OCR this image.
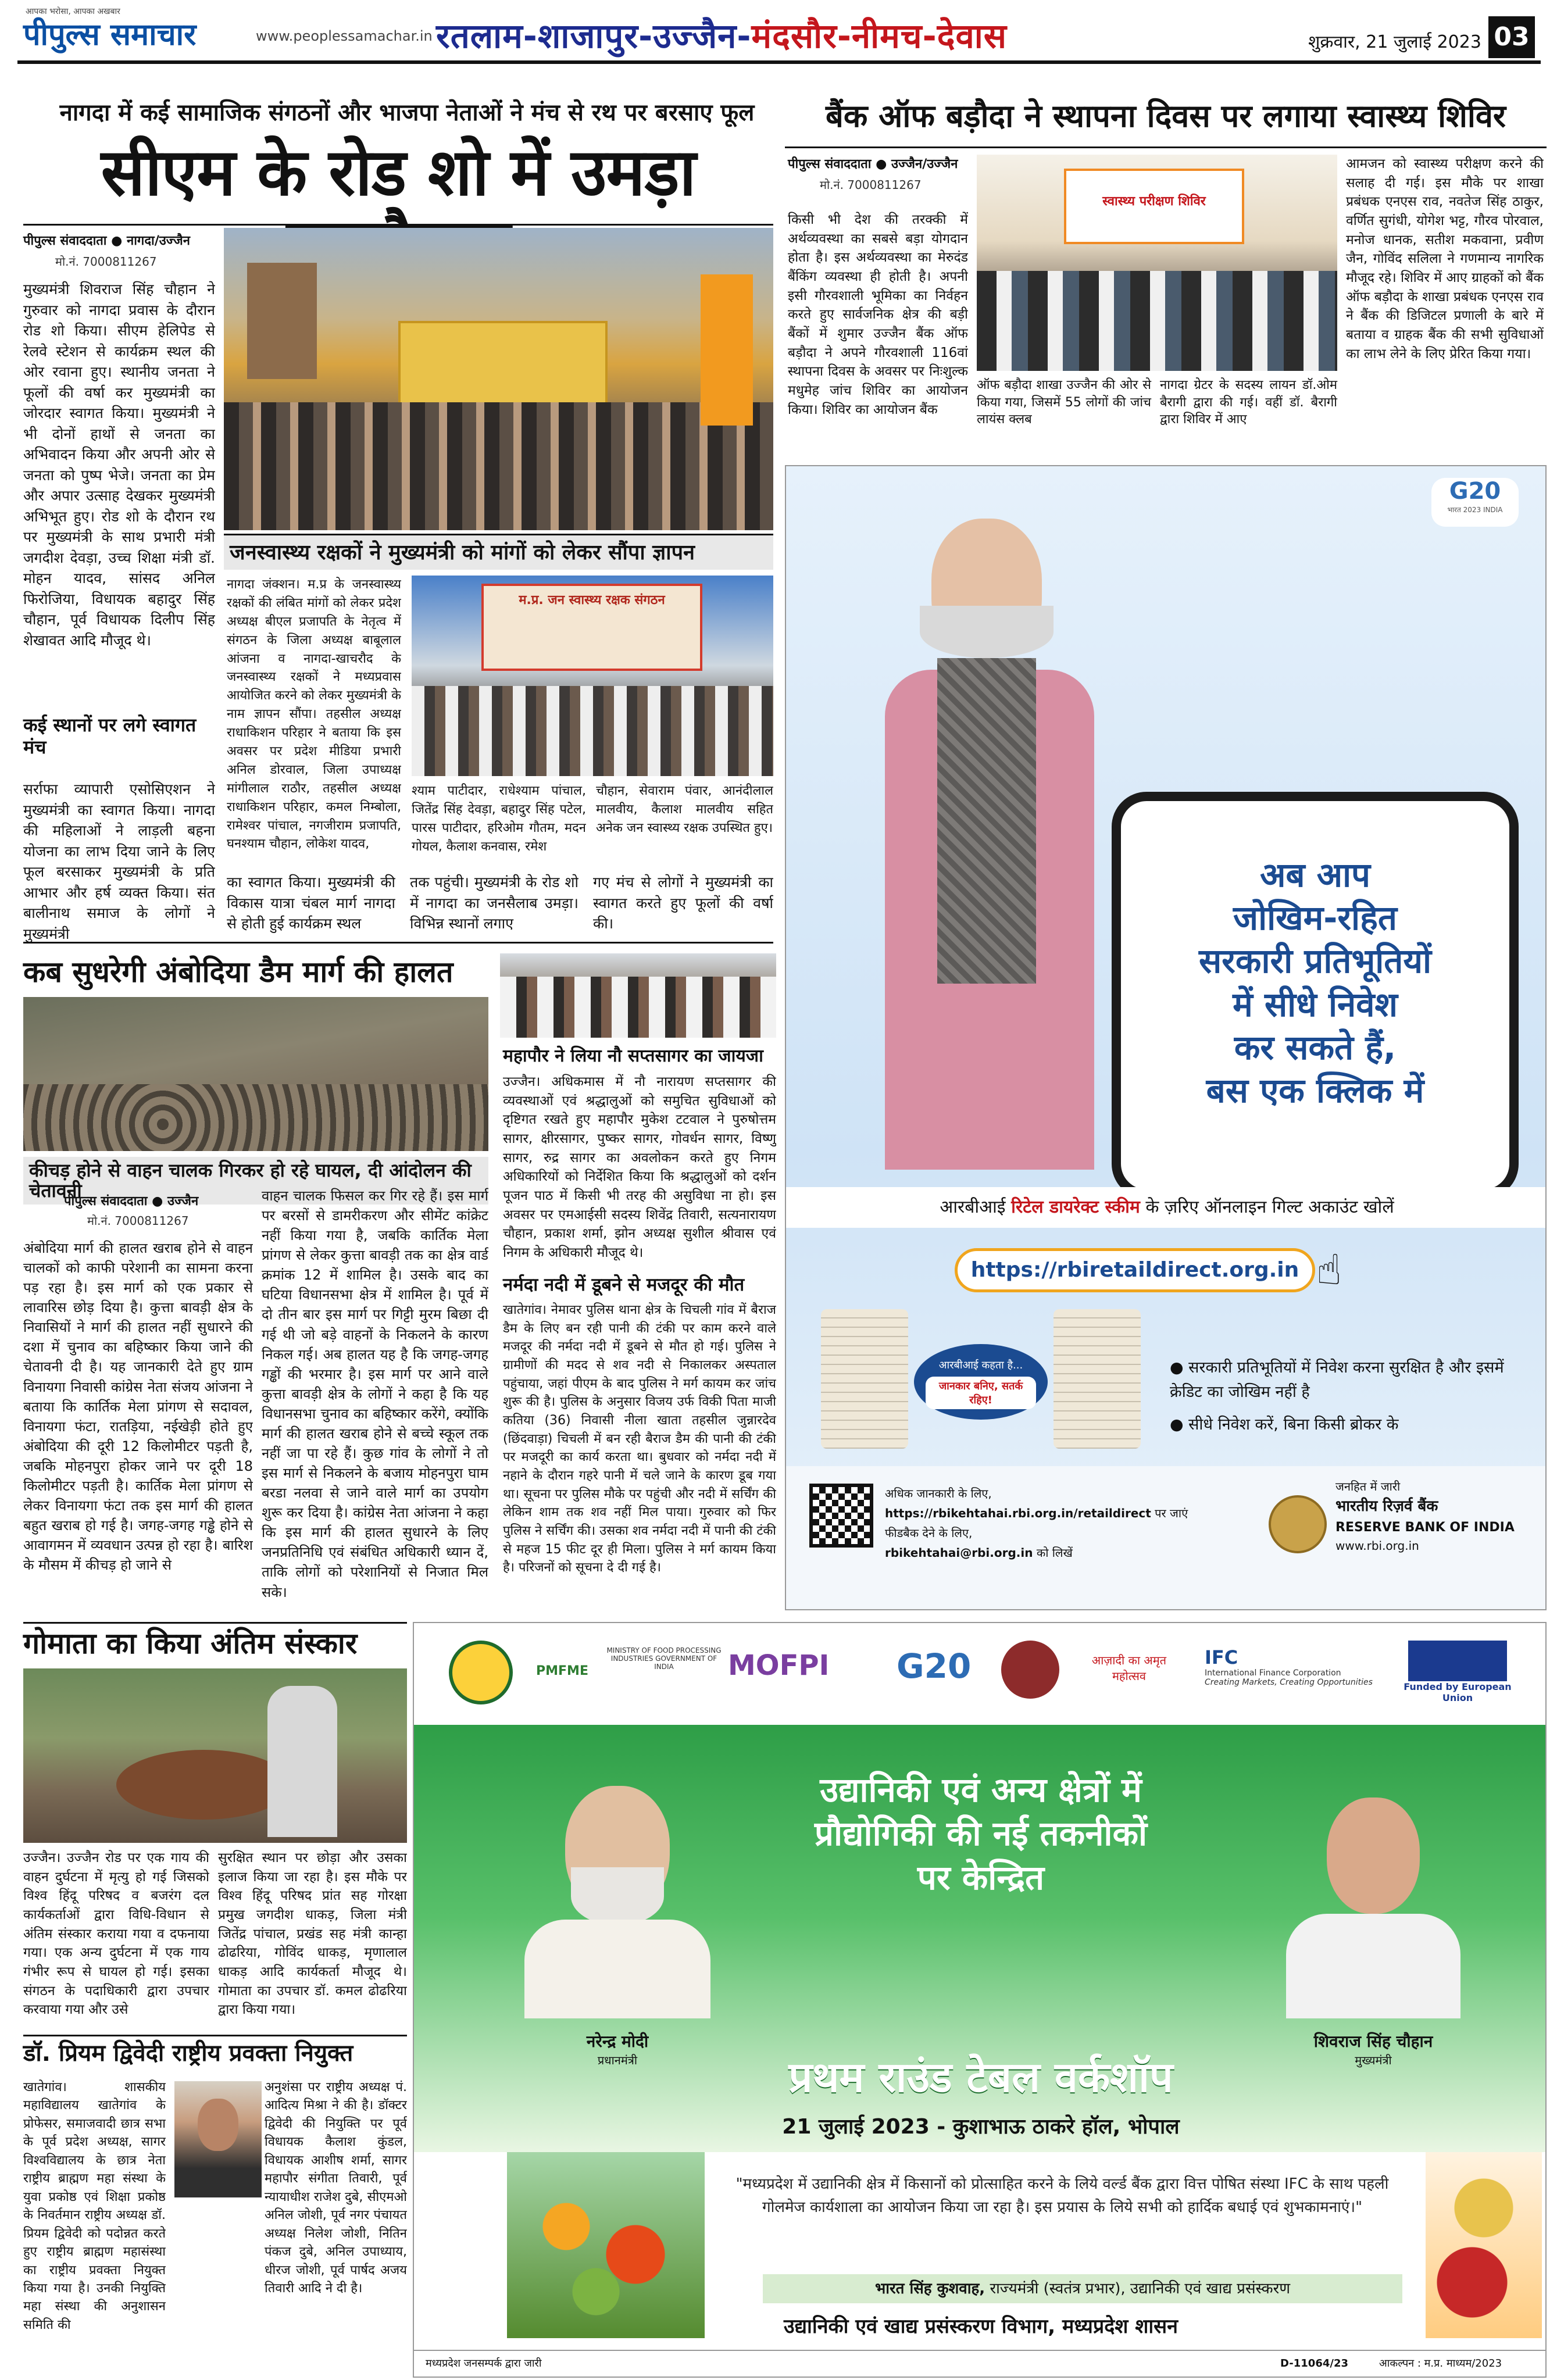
आपका भरोसा, आपका अखबार
पीपुल्स समाचार	www.peoplessamachar.in रतलाम-शाजापुर-उज्जैन-मंदसौर-नीमच-देवास	शुक्रवार, 21 जुलाई 2023 03
नागदा में कई सामाजिक संगठनों और भाजपा नेताओं ने मंच से रथ पर बरसाए फूल
सीएम के रोड शो में उमड़ा
पीपुल्स संवाददाता ● नागदा/उज्जैन
मो.नं. 7000811267
मुख्यमंत्री शिवराज सिंह चौहान ने गुरुवार को नागदा प्रवास के दौरान रोड शो किया। सीएम हेलिपेड से रेलवे स्टेशन से कार्यक्रम स्थल की ओर रवाना हुए। स्थानीय जनता ने फूलों की वर्षा कर मुख्यमंत्री का जोरदार स्वागत किया। मुख्यमंत्री ने भी दोनों हाथों से जनता का अभिवादन किया और अपनी ओर से जनता को पुष्प भेजे। जनता का प्रेम और अपार उत्साह देखकर मुख्यमंत्री अभिभूत हुए। रोड शो के दौरान रथ पर मुख्यमंत्री के साथ प्रभारी मंत्री जगदीश देवड़ा, उच्च शिक्षा मंत्री डॉ. मोहन यादव, सांसद अनिल फिरोजिया, विधायक बहादुर सिंह चौहान, पूर्व विधायक दिलीप सिंह शेखावत आदि मौजूद थे।
कई स्थानों पर लगे स्वागत मंच
सर्राफा व्यापारी एसोसिएशन ने मुख्यमंत्री का स्वागत किया। नागदा की महिलाओं ने लाड़ली बहना योजना का लाभ दिया जाने के लिए फूल बरसाकर मुख्यमंत्री के प्रति आभार और हर्ष व्यक्त किया। संत बालीनाथ समाज के लोगों ने मुख्यमंत्री
जनस्वास्थ्य रक्षकों ने मुख्यमंत्री को मांगों को लेकर सौंपा ज्ञापन
नागदा जंक्शन। म.प्र के जनस्वास्थ्य रक्षकों की लंबित मांगों को लेकर प्रदेश अध्यक्ष बीएल प्रजापति के नेतृत्व में संगठन के जिला अध्यक्ष बाबूलाल आंजना व नागदा-खाचरौद के जनस्वास्थ्य रक्षकों ने मध्यप्रवास आयोजित करने को लेकर मुख्यमंत्री के नाम ज्ञापन सौंपा। तहसील अध्यक्ष राधाकिशन परिहार ने बताया कि इस अवसर पर प्रदेश मीडिया प्रभारी अनिल डोरवाल, जिला उपाध्यक्ष मांगीलाल राठौर, तहसील अध्यक्ष राधाकिशन परिहार, कमल निम्बोला, रामेश्वर पांचाल, नगजीराम प्रजापति, घनश्याम चौहान, लोकेश यादव,
म.प्र. जन स्वास्थ्य रक्षक संगठन
श्याम पाटीदार, राधेश्याम पांचाल, जितेंद्र सिंह देवड़ा, बहादुर सिंह पटेल, पारस पाटीदार, हरिओम गौतम, मदन गोयल, कैलाश कनवास, रमेश
चौहान, सेवाराम पंवार, आनंदीलाल मालवीय, कैलाश मालवीय सहित अनेक जन स्वास्थ्य रक्षक उपस्थित हुए।
का स्वागत किया। मुख्यमंत्री की विकास यात्रा चंबल मार्ग नागदा से होती हुई कार्यक्रम स्थल
तक पहुंची। मुख्यमंत्री के रोड शो में नागदा का जनसैलाब उमड़ा। विभिन्न स्थानों लगाए
गए मंच से लोगों ने मुख्यमंत्री का स्वागत करते हुए फूलों की वर्षा की।
बैंक ऑफ बड़ौदा ने स्थापना दिवस पर लगाया स्वास्थ्य शिविर
पीपुल्स संवाददाता ● उज्जैन/उज्जैन
मो.नं. 7000811267
किसी भी देश की तरक्की में अर्थव्यवस्था का सबसे बड़ा योगदान होता है। इस अर्थव्यवस्था का मेरुदंड बैंकिंग व्यवस्था ही होती है। अपनी इसी गौरवशाली भूमिका का निर्वहन करते हुए सार्वजनिक क्षेत्र की बड़ी बैंकों में शुमार उज्जैन बैंक ऑफ बड़ौदा ने अपने गौरवशाली 116वां स्थापना दिवस के अवसर पर निःशुल्क मधुमेह जांच शिविर का आयोजन किया। शिविर का आयोजन बैंक
स्वास्थ्य परीक्षण शिविर
ऑफ बड़ौदा शाखा उज्जैन की ओर से किया गया, जिसमें 55 लोगों की जांच लायंस क्लब
नागदा ग्रेटर के सदस्य लायन डॉ.ओम बैरागी द्वारा की गई। वहीं डॉ. बैरागी द्वारा शिविर में आए
आमजन को स्वास्थ्य परीक्षण करने की सलाह दी गई। इस मौके पर शाखा प्रबंधक एनएस राव, नवतेज सिंह ठाकुर, वर्णित सुगंधी, योगेश भट्ट, गौरव पोरवाल, मनोज धानक, सतीश मकवाना, प्रवीण जैन, गोविंद सलिला ने गणमान्य नागरिक मौजूद रहे। शिविर में आए ग्राहकों को बैंक ऑफ बड़ौदा के शाखा प्रबंधक एनएस राव ने बैंक की डिजिटल प्रणाली के बारे में बताया व ग्राहक बैंक की सभी सुविधाओं का लाभ लेने के लिए प्रेरित किया गया।
कब सुधरेगी अंबोदिया डैम मार्ग की हालत
कीचड़ होने से वाहन चालक गिरकर हो रहे घायल, दी आंदोलन की चेतावनी
पीपुल्स संवाददाता ● उज्जैन
मो.नं. 7000811267
अंबोदिया मार्ग की हालत खराब होने से वाहन चालकों को काफी परेशानी का सामना करना पड़ रहा है। इस मार्ग को एक प्रकार से लावारिस छोड़ दिया है। कुत्ता बावड़ी क्षेत्र के निवासियों ने मार्ग की हालत नहीं सुधारने की दशा में चुनाव का बहिष्कार किया जाने की चेतावनी दी है। यह जानकारी देते हुए ग्राम विनायगा निवासी कांग्रेस नेता संजय आंजना ने बताया कि कार्तिक मेला प्रांगण से सदावल, विनायगा फंटा, रातड़िया, नईखेड़ी होते हुए अंबोदिया की दूरी 12 किलोमीटर पड़ती है, जबकि मोहनपुरा होकर जाने पर दूरी 18 किलोमीटर पड़ती है। कार्तिक मेला प्रांगण से लेकर विनायगा फंटा तक इस मार्ग की हालत बहुत खराब हो गई है। जगह-जगह गड्ढे होने से आवागमन में व्यवधान उत्पन्न हो रहा है। बारिश के मौसम में कीचड़ हो जाने से
वाहन चालक फिसल कर गिर रहे हैं। इस मार्ग पर बरसों से डामरीकरण और सीमेंट कांक्रेट नहीं किया गया है, जबकि कार्तिक मेला प्रांगण से लेकर कुत्ता बावड़ी तक का क्षेत्र वार्ड क्रमांक 12 में शामिल है। उसके बाद का घटिया विधानसभा क्षेत्र में शामिल है। पूर्व में दो तीन बार इस मार्ग पर गिट्टी मुरम बिछा दी गई थी जो बड़े वाहनों के निकलने के कारण निकल गई। अब हालत यह है कि जगह-जगह गड्ढों की भरमार है। इस मार्ग पर आने वाले कुत्ता बावड़ी क्षेत्र के लोगों ने कहा है कि यह विधानसभा चुनाव का बहिष्कार करेंगे, क्योंकि मार्ग की हालत खराब होने से बच्चे स्कूल तक नहीं जा पा रहे हैं। कुछ गांव के लोगों ने तो इस मार्ग से निकलने के बजाय मोहनपुरा घाम बरडा नलवा से जाने वाले मार्ग का उपयोग शुरू कर दिया है। कांग्रेस नेता आंजना ने कहा कि इस मार्ग की हालत सुधारने के लिए जनप्रतिनिधि एवं संबंधित अधिकारी ध्यान दें, ताकि लोगों को परेशानियों से निजात मिल सके।
महापौर ने लिया नौ सप्तसागर का जायजा
उज्जैन। अधिकमास में नौ नारायण सप्तसागर की व्यवस्थाओं एवं श्रद्धालुओं को समुचित सुविधाओं को दृष्टिगत रखते हुए महापौर मुकेश टटवाल ने पुरुषोत्तम सागर, क्षीरसागर, पुष्कर सागर, गोवर्धन सागर, विष्णु सागर, रुद्र सागर का अवलोकन करते हुए निगम अधिकारियों को निर्देशित किया कि श्रद्धालुओं को दर्शन पूजन पाठ में किसी भी तरह की असुविधा ना हो। इस अवसर पर एमआईसी सदस्य शिवेंद्र तिवारी, सत्यनारायण चौहान, प्रकाश शर्मा, झोन अध्यक्ष सुशील श्रीवास एवं निगम के अधिकारी मौजूद थे।
नर्मदा नदी में डूबने से मजदूर की मौत
खातेगांव। नेमावर पुलिस थाना क्षेत्र के चिचली गांव में बैराज डैम के लिए बन रही पानी की टंकी पर काम करने वाले मजदूर की नर्मदा नदी में डूबने से मौत हो गई। पुलिस ने ग्रामीणों की मदद से शव नदी से निकालकर अस्पताल पहुंचाया, जहां पीएम के बाद पुलिस ने मर्ग कायम कर जांच शुरू की है। पुलिस के अनुसार विजय उर्फ विकी पिता माजी कतिया (36) निवासी नीला खाता तहसील जुन्नारदेव (छिंदवाड़ा) चिचली में बन रही बैराज डैम की पानी की टंकी पर मजदूरी का कार्य करता था। बुधवार को नर्मदा नदी में नहाने के दौरान गहरे पानी में चले जाने के कारण डूब गया था। सूचना पर पुलिस मौके पर पहुंची और नदी में सर्चिंग की लेकिन शाम तक शव नहीं मिल पाया। गुरुवार को फिर पुलिस ने सर्चिंग की। उसका शव नर्मदा नदी में पानी की टंकी से महज 15 फीट दूर ही मिला। पुलिस ने मर्ग कायम किया है। परिजनों को सूचना दे दी गई है।
G20
भारत 2023 INDIA
अब आप
जोखिम-रहित
सरकारी प्रतिभूतियों
में सीधे निवेश
कर सकते हैं,
बस एक क्लिक में
आरबीआई रिटेल डायरेक्ट स्कीम के ज़रिए ऑनलाइन गिल्ट अकाउंट खोलें
https://rbiretaildirect.org.in ☝
आरबीआई कहता है...
जानकार बनिए, सतर्क रहिए!
● सरकारी प्रतिभूतियों में निवेश करना सुरक्षित है और इसमें क्रेडिट का जोखिम नहीं है
● सीधे निवेश करें, बिना किसी ब्रोकर के
अधिक जानकारी के लिए,
https://rbikehtahai.rbi.org.in/retaildirect पर जाएं
फीडबैक देने के लिए,
rbikehtahai@rbi.org.in को लिखें
जनहित में जारी
भारतीय रिज़र्व बैंक
RESERVE BANK OF INDIA
www.rbi.org.in
गोमाता का किया अंतिम संस्कार
उज्जैन। उज्जैन रोड पर एक गाय की वाहन दुर्घटना में मृत्यु हो गई जिसको विश्व हिंदू परिषद व बजरंग दल कार्यकर्ताओं द्वारा विधि-विधान से अंतिम संस्कार कराया गया व दफनाया गया। एक अन्य दुर्घटना में एक गाय गंभीर रूप से घायल हो गई। इसका संगठन के पदाधिकारी द्वारा उपचार करवाया गया और उसे
सुरक्षित स्थान पर छोड़ा और उसका इलाज किया जा रहा है। इस मौके पर विश्व हिंदू परिषद प्रांत सह गोरक्षा प्रमुख जगदीश धाकड़, जिला मंत्री जितेंद्र पांचाल, प्रखंड सह मंत्री कान्हा ढोढरिया, गोविंद धाकड़, मृणालाल धाकड़ आदि कार्यकर्ता मौजूद थे। गोमाता का उपचार डॉ. कमल ढोढरिया द्वारा किया गया।
डॉ. प्रियम द्विवेदी राष्ट्रीय प्रवक्ता नियुक्त
खातेगांव। शासकीय महाविद्यालय खातेगांव के प्रोफेसर, समाजवादी छात्र सभा के पूर्व प्रदेश अध्यक्ष, सागर विश्वविद्यालय के छात्र नेता राष्ट्रीय ब्राह्मण महा संस्था के युवा प्रकोष्ठ एवं शिक्षा प्रकोष्ठ के निवर्तमान राष्ट्रीय अध्यक्ष डॉ. प्रियम द्विवेदी को पदोन्नत करते हुए राष्ट्रीय ब्राह्मण महासंस्था का राष्ट्रीय प्रवक्ता नियुक्त किया गया है। उनकी नियुक्ति महा संस्था की अनुशासन समिति की
अनुशंसा पर राष्ट्रीय अध्यक्ष पं. आदित्य मिश्रा ने की है। डॉक्टर द्विवेदी की नियुक्ति पर पूर्व विधायक कैलाश कुंडल, विधायक आशीष शर्मा, सागर महापौर संगीता तिवारी, पूर्व न्यायाधीश राजेश दुबे, सीएमओ अनिल जोशी, पूर्व नगर पंचायत अध्यक्ष निलेश जोशी, नितिन पंकज दुबे, अनिल उपाध्याय, धीरज जोशी, पूर्व पार्षद अजय तिवारी आदि ने दी है।
PMFME
MINISTRY OF FOOD PROCESSING INDUSTRIES GOVERNMENT OF INDIA	MOFPI G20	आज़ादी का अमृत महोत्सव
IFC
International Finance Corporation
Creating Markets, Creating Opportunities	Funded by European Union
उद्यानिकी एवं अन्य क्षेत्रों में
प्रौद्योगिकी की नई तकनीकों
पर केन्द्रित
नरेन्द्र मोदी
प्रधानमंत्री
शिवराज सिंह चौहान
मुख्यमंत्री
प्रथम राउंड टेबल वर्कशॉप
21 जुलाई 2023 - कुशाभाऊ ठाकरे हॉल, भोपाल
"मध्यप्रदेश में उद्यानिकी क्षेत्र में किसानों को प्रोत्साहित करने के लिये वर्ल्ड बैंक द्वारा वित्त पोषित संस्था IFC के साथ पहली गोलमेज कार्यशाला का आयोजन किया जा रहा है। इस प्रयास के लिये सभी को हार्दिक बधाई एवं शुभकामनाएं।"
भारत सिंह कुशवाह, राज्यमंत्री (स्वतंत्र प्रभार), उद्यानिकी एवं खाद्य प्रसंस्करण
उद्यानिकी एवं खाद्य प्रसंस्करण विभाग, मध्यप्रदेश शासन
मध्यप्रदेश जनसम्पर्क द्वारा जारी	D-11064/23	आकल्पन : म.प्र. माध्यम/2023
